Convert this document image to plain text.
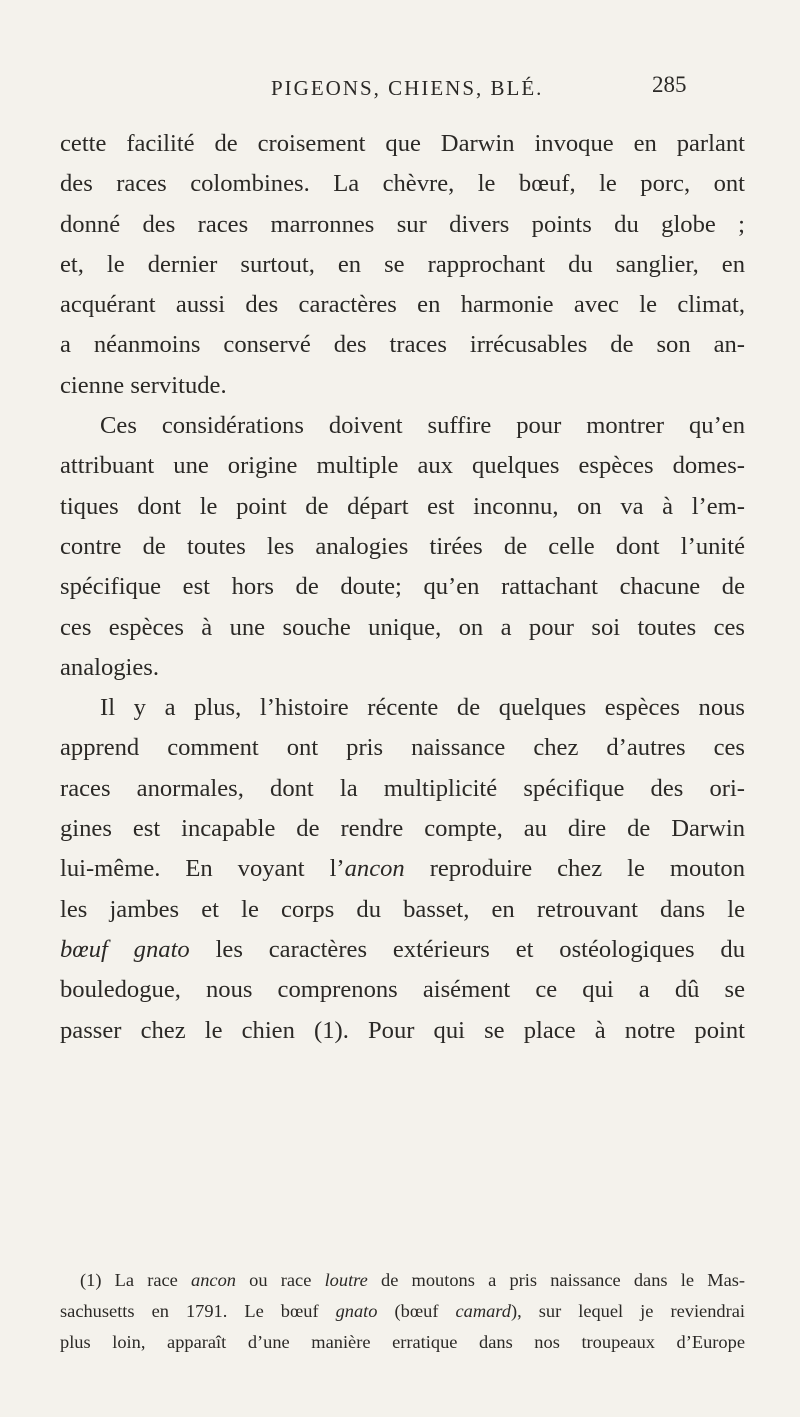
PIGEONS, CHIENS, BLÉ.	285
cette facilité de croisement que Darwin invoque en parlant
des races colombines. La chèvre, le bœuf, le porc, ont
donné des races marronnes sur divers points du globe ;
et, le dernier surtout, en se rapprochant du sanglier, en
acquérant aussi des caractères en harmonie avec le climat,
a néanmoins conservé des traces irrécusables de son an-
cienne servitude.
Ces considérations doivent suffire pour montrer qu’en
attribuant une origine multiple aux quelques espèces domes-
tiques dont le point de départ est inconnu, on va à l’em-
contre de toutes les analogies tirées de celle dont l’unité
spécifique est hors de doute; qu’en rattachant chacune de
ces espèces à une souche unique, on a pour soi toutes ces
analogies.
Il y a plus, l’histoire récente de quelques espèces nous
apprend comment ont pris naissance chez d’autres ces
races anormales, dont la multiplicité spécifique des ori-
gines est incapable de rendre compte, au dire de Darwin
lui-même. En voyant l’ancon reproduire chez le mouton
les jambes et le corps du basset, en retrouvant dans le
bœuf gnato les caractères extérieurs et ostéologiques du
bouledogue, nous comprenons aisément ce qui a dû se
passer chez le chien (1). Pour qui se place à notre point
(1) La race ancon ou race loutre de moutons a pris naissance dans le Mas-
sachusetts en 1791. Le bœuf gnato (bœuf camard), sur lequel je reviendrai
plus loin, apparaît d’une manière erratique dans nos troupeaux d’Europe
